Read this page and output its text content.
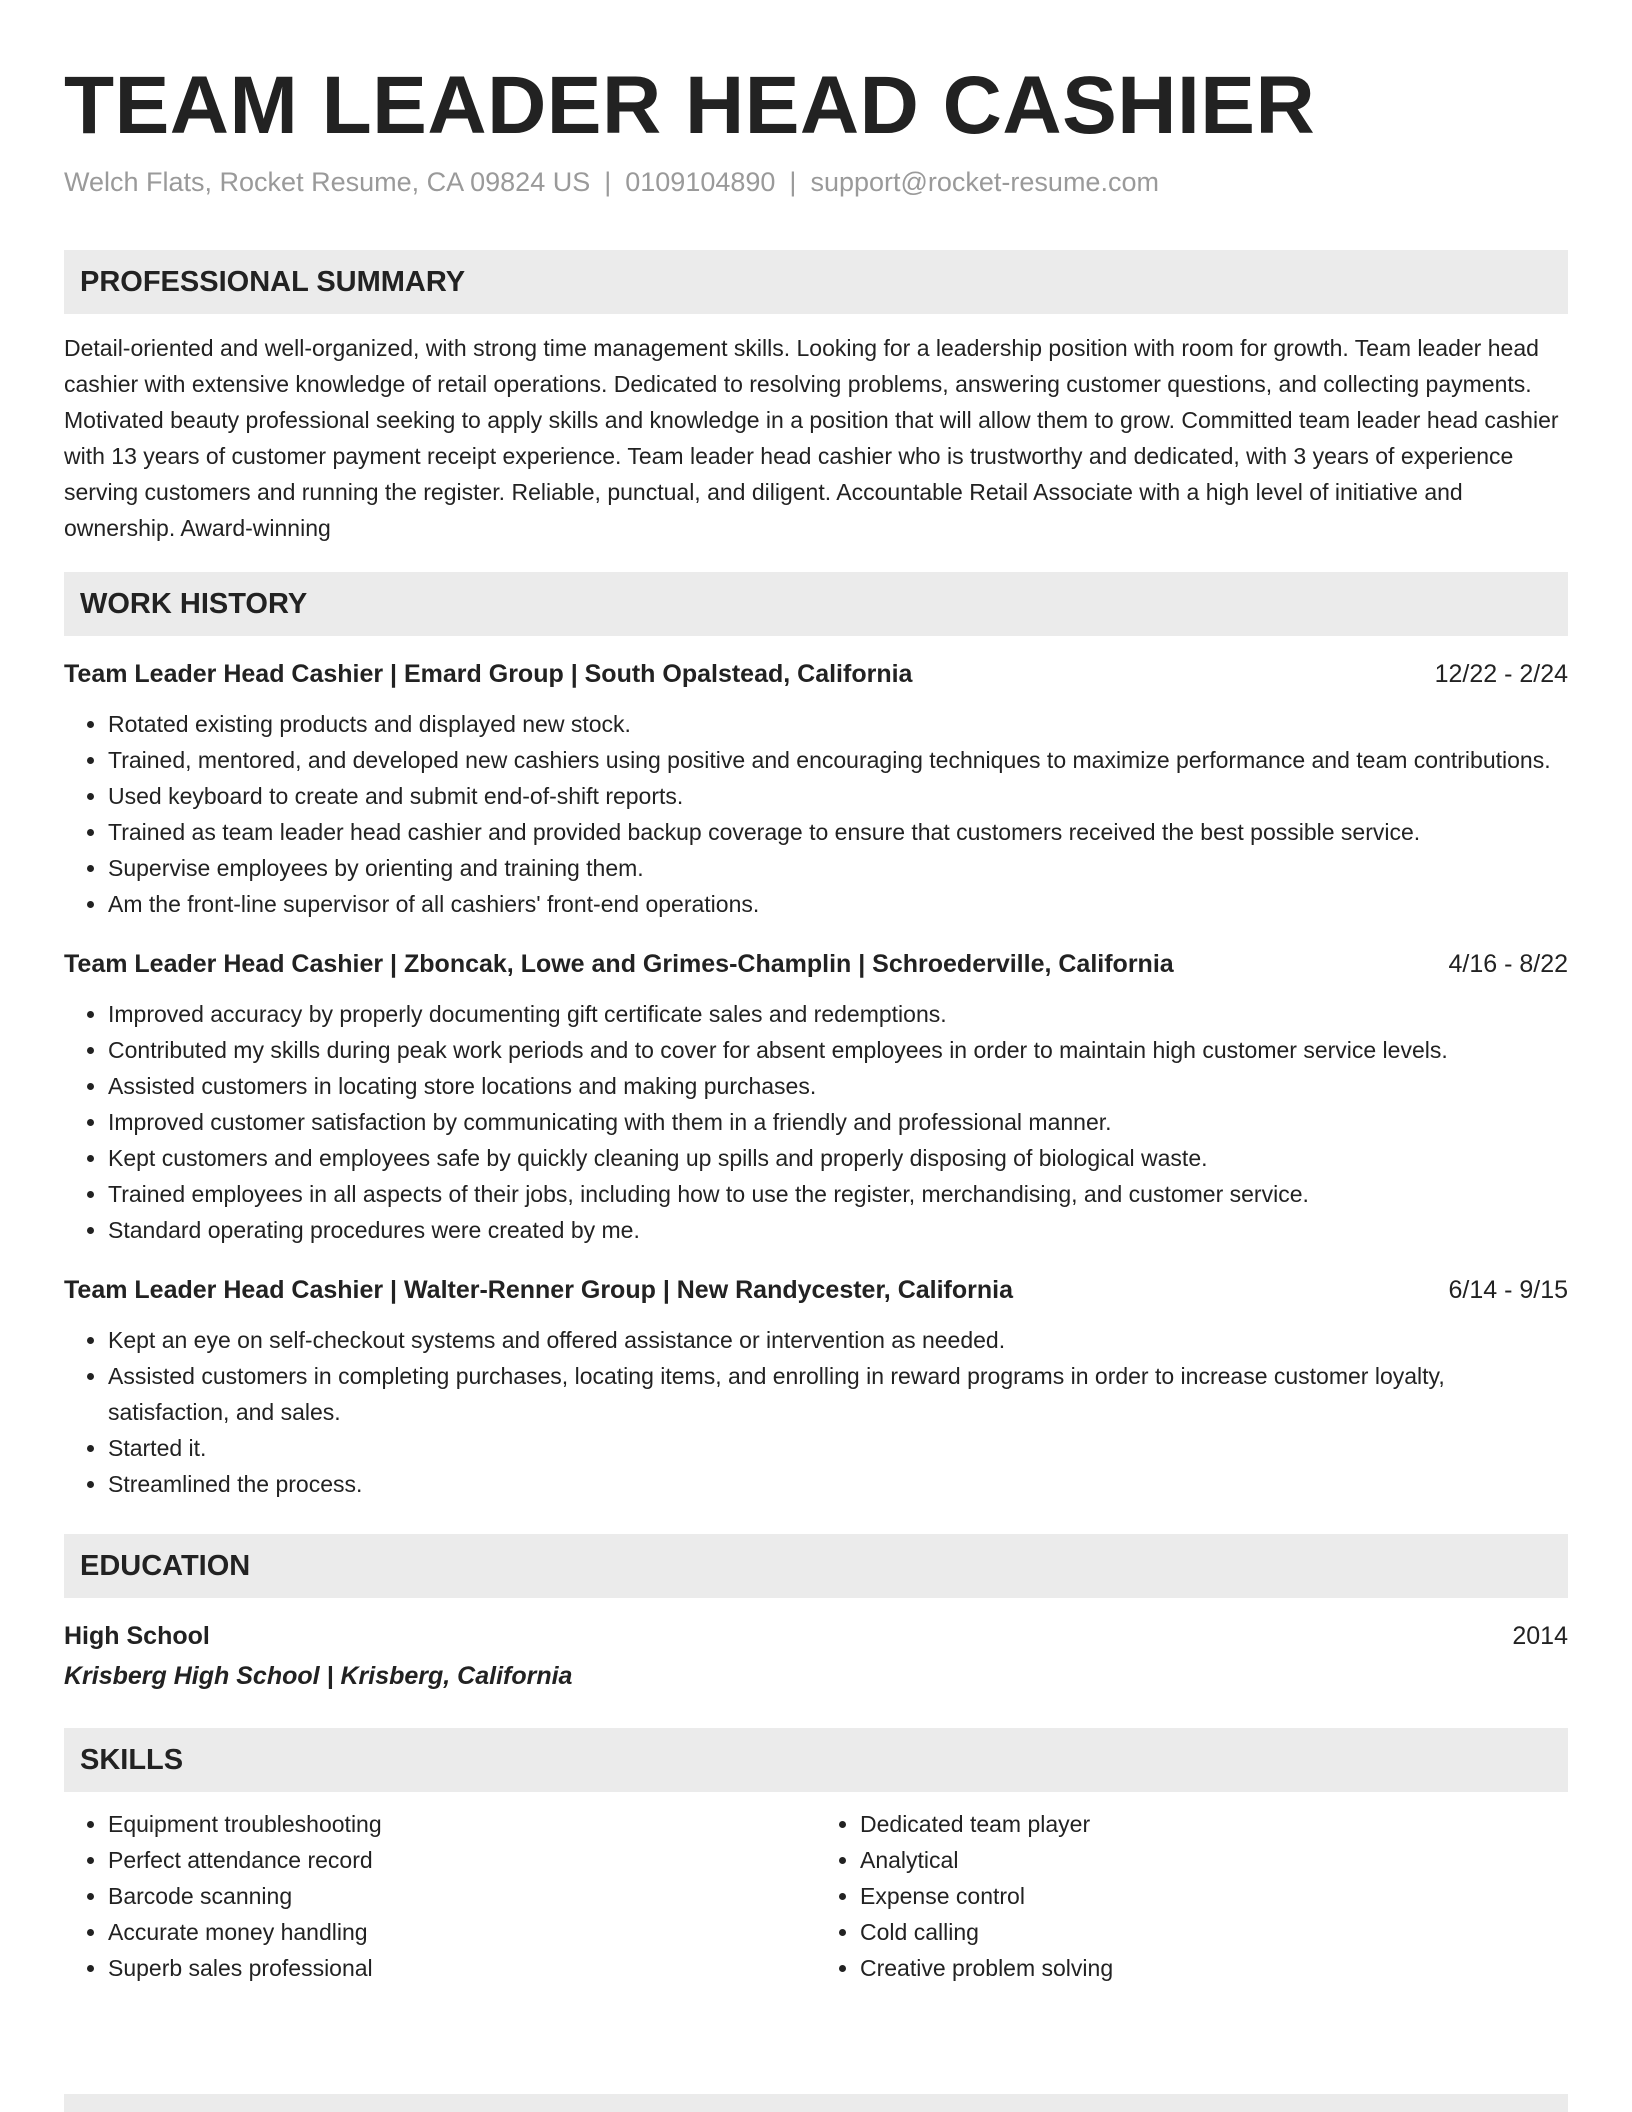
TEAM LEADER HEAD CASHIER
Welch Flats, Rocket Resume, CA 09824 US | 0109104890 | support@rocket-resume.com
PROFESSIONAL SUMMARY
Detail-oriented and well-organized, with strong time management skills. Looking for a leadership position with room for growth. Team leader head cashier with extensive knowledge of retail operations. Dedicated to resolving problems, answering customer questions, and collecting payments. Motivated beauty professional seeking to apply skills and knowledge in a position that will allow them to grow. Committed team leader head cashier with 13 years of customer payment receipt experience. Team leader head cashier who is trustworthy and dedicated, with 3 years of experience serving customers and running the register. Reliable, punctual, and diligent. Accountable Retail Associate with a high level of initiative and ownership. Award-winning
WORK HISTORY
Team Leader Head Cashier | Emard Group | South Opalstead, California	12/22 - 2/24
• Rotated existing products and displayed new stock.
• Trained, mentored, and developed new cashiers using positive and encouraging techniques to maximize performance and team contributions.
• Used keyboard to create and submit end-of-shift reports.
• Trained as team leader head cashier and provided backup coverage to ensure that customers received the best possible service.
• Supervise employees by orienting and training them.
• Am the front-line supervisor of all cashiers' front-end operations.
Team Leader Head Cashier | Zboncak, Lowe and Grimes-Champlin | Schroederville, California	4/16 - 8/22
• Improved accuracy by properly documenting gift certificate sales and redemptions.
• Contributed my skills during peak work periods and to cover for absent employees in order to maintain high customer service levels.
• Assisted customers in locating store locations and making purchases.
• Improved customer satisfaction by communicating with them in a friendly and professional manner.
• Kept customers and employees safe by quickly cleaning up spills and properly disposing of biological waste.
• Trained employees in all aspects of their jobs, including how to use the register, merchandising, and customer service.
• Standard operating procedures were created by me.
Team Leader Head Cashier | Walter-Renner Group | New Randycester, California	6/14 - 9/15
• Kept an eye on self-checkout systems and offered assistance or intervention as needed.
• Assisted customers in completing purchases, locating items, and enrolling in reward programs in order to increase customer loyalty, satisfaction, and sales.
• Started it.
• Streamlined the process.
EDUCATION
High School	2014
Krisberg High School | Krisberg, California
SKILLS
• Equipment troubleshooting
• Perfect attendance record
• Barcode scanning
• Accurate money handling
• Superb sales professional
• Dedicated team player
• Analytical
• Expense control
• Cold calling
• Creative problem solving
